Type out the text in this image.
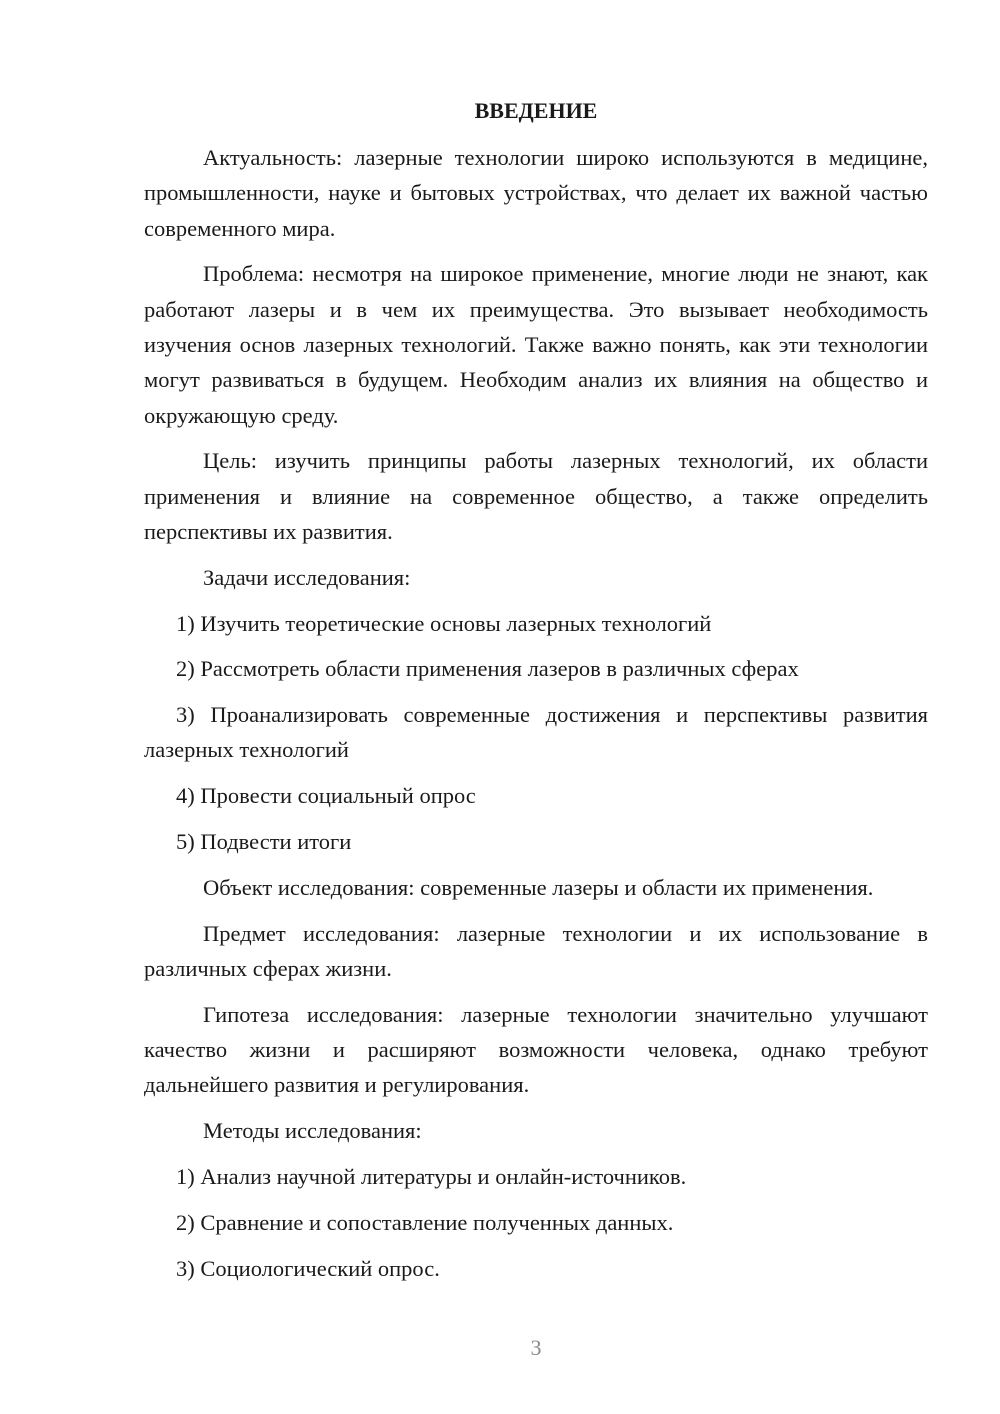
ВВЕДЕНИЕ

Актуальность: лазерные технологии широко используются в медицине, промышленности, науке и бытовых устройствах, что делает их важной частью современного мира.

Проблема: несмотря на широкое применение, многие люди не знают, как работают лазеры и в чем их преимущества. Это вызывает необходимость изучения основ лазерных технологий. Также важно понять, как эти технологии могут развиваться в будущем. Необходим анализ их влияния на общество и окружающую среду.

Цель: изучить принципы работы лазерных технологий, их области применения и влияние на современное общество, а также определить перспективы их развития.

Задачи исследования:

1) Изучить теоретические основы лазерных технологий

2) Рассмотреть области применения лазеров в различных сферах

3) Проанализировать современные достижения и перспективы развития лазерных технологий

4) Провести социальный опрос

5) Подвести итоги

Объект исследования: современные лазеры и области их применения.

Предмет исследования: лазерные технологии и их использование в различных сферах жизни.

Гипотеза исследования: лазерные технологии значительно улучшают качество жизни и расширяют возможности человека, однако требуют дальнейшего развития и регулирования.

Методы исследования:

1) Анализ научной литературы и онлайн-источников.

2) Сравнение и сопоставление полученных данных.

3) Социологический опрос.

3
